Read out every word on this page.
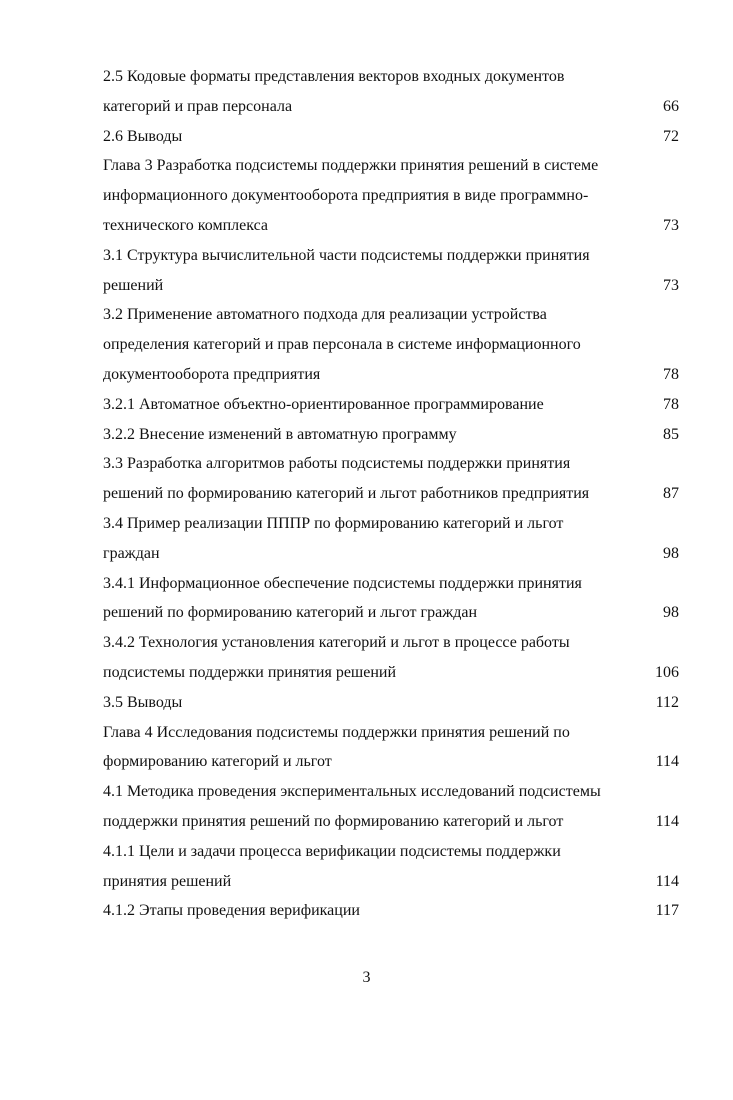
2.5 Кодовые форматы представления векторов входных документов
категорий и прав персонала	66
2.6 Выводы	72
Глава 3 Разработка подсистемы поддержки принятия решений в системе
информационного документооборота предприятия в виде программно-
технического комплекса	73
3.1 Структура вычислительной части подсистемы поддержки принятия
решений	73
3.2 Применение автоматного подхода для реализации устройства
определения категорий и прав персонала в системе информационного
документооборота предприятия	78
3.2.1 Автоматное объектно-ориентированное программирование	78
3.2.2 Внесение изменений в автоматную программу	85
3.3 Разработка алгоритмов работы подсистемы поддержки принятия
решений по формированию категорий и льгот работников предприятия	87
3.4 Пример реализации ПППР по формированию категорий и льгот
граждан	98
3.4.1 Информационное обеспечение подсистемы поддержки принятия
решений по формированию категорий и льгот граждан	98
3.4.2 Технология установления категорий и льгот в процессе работы
подсистемы поддержки принятия решений	106
3.5 Выводы	112
Глава 4 Исследования подсистемы поддержки принятия решений по
формированию категорий и льгот	114
4.1 Методика проведения экспериментальных исследований подсистемы
поддержки принятия решений по формированию категорий и льгот	114
4.1.1 Цели и задачи процесса верификации подсистемы поддержки
принятия решений	114
4.1.2 Этапы проведения верификации	117
3
